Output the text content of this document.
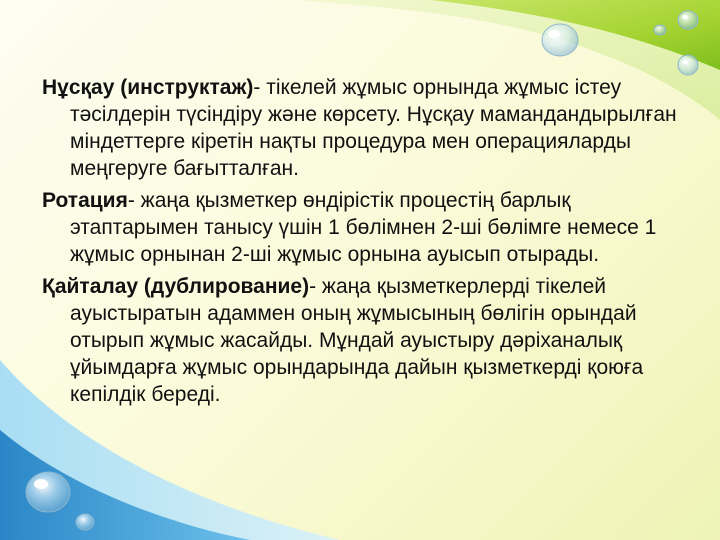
Нұсқау (инструктаж)- тікелей жұмыс орнында жұмыс істеу тәсілдерін түсіндіру және көрсету. Нұсқау мамандандырылған міндеттерге кіретін нақты процедура мен операцияларды меңгеруге бағытталған.

Ротация- жаңа қызметкер өндірістік процестің барлық этаптарымен танысу үшін 1 бөлімнен 2-ші бөлімге немесе 1 жұмыс орнынан 2-ші жұмыс орнына ауысып отырады.

Қайталау (дублирование)- жаңа қызметкерлерді тікелей ауыстыратын адаммен оның жұмысының бөлігін орындай отырып жұмыс жасайды. Мұндай ауыстыру дәріханалық ұйымдарға жұмыс орындарында дайын қызметкерді қоюға кепілдік береді.
